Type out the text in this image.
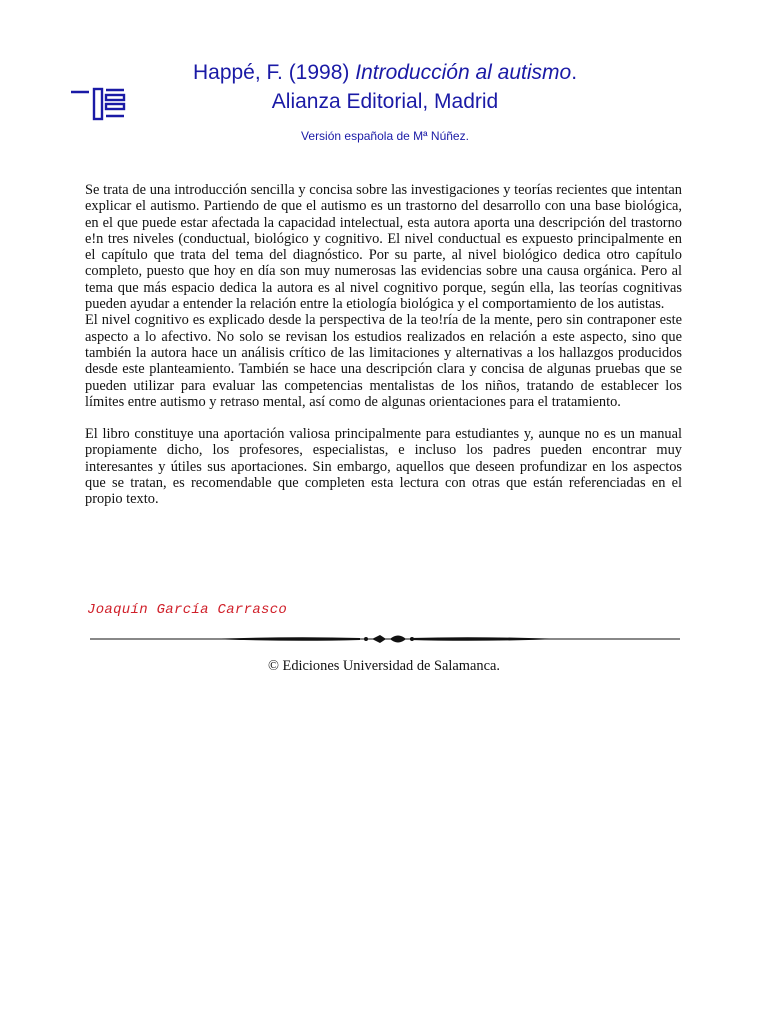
Happé, F. (1998) Introducción al autismo.
Alianza Editorial, Madrid
Versión española de Mª Núñez.

Se trata de una introducción sencilla y concisa sobre las investigaciones y teorías recientes que intentan explicar el autismo. Partiendo de que el autismo es un trastorno del desarrollo con una base biológica, en el que puede estar afectada la capacidad intelectual, esta autora aporta una descripción del trastorno e!n tres niveles (conductual, biológico y cognitivo. El nivel conductual es expuesto principalmente en el capítulo que trata del tema del diagnóstico. Por su parte, al nivel biológico dedica otro capítulo completo, puesto que hoy en día son muy numerosas las evidencias sobre una causa orgánica. Pero al tema que más espacio dedica la autora es al nivel cognitivo porque, según ella, las teorías cognitivas pueden ayudar a entender la relación entre la etiología biológica y el comportamiento de los autistas.

El nivel cognitivo es explicado desde la perspectiva de la teo!ría de la mente, pero sin contraponer este aspecto a lo afectivo. No solo se revisan los estudios realizados en relación a este aspecto, sino que también la autora hace un análisis crítico de las limitaciones y alternativas a los hallazgos producidos desde este planteamiento. También se hace una descripción clara y concisa de algunas pruebas que se pueden utilizar para evaluar las competencias mentalistas de los niños, tratando de establecer los límites entre autismo y retraso mental, así como de algunas orientaciones para el tratamiento.

El libro constituye una aportación valiosa principalmente para estudiantes y, aunque no es un manual propiamente dicho, los profesores, especialistas, e incluso los padres pueden encontrar muy interesantes y útiles sus aportaciones. Sin embargo, aquellos que deseen profundizar en los aspectos que se tratan, es recomendable que completen esta lectura con otras que están referenciadas en el propio texto.

Joaquín García Carrasco
© Ediciones Universidad de Salamanca.
